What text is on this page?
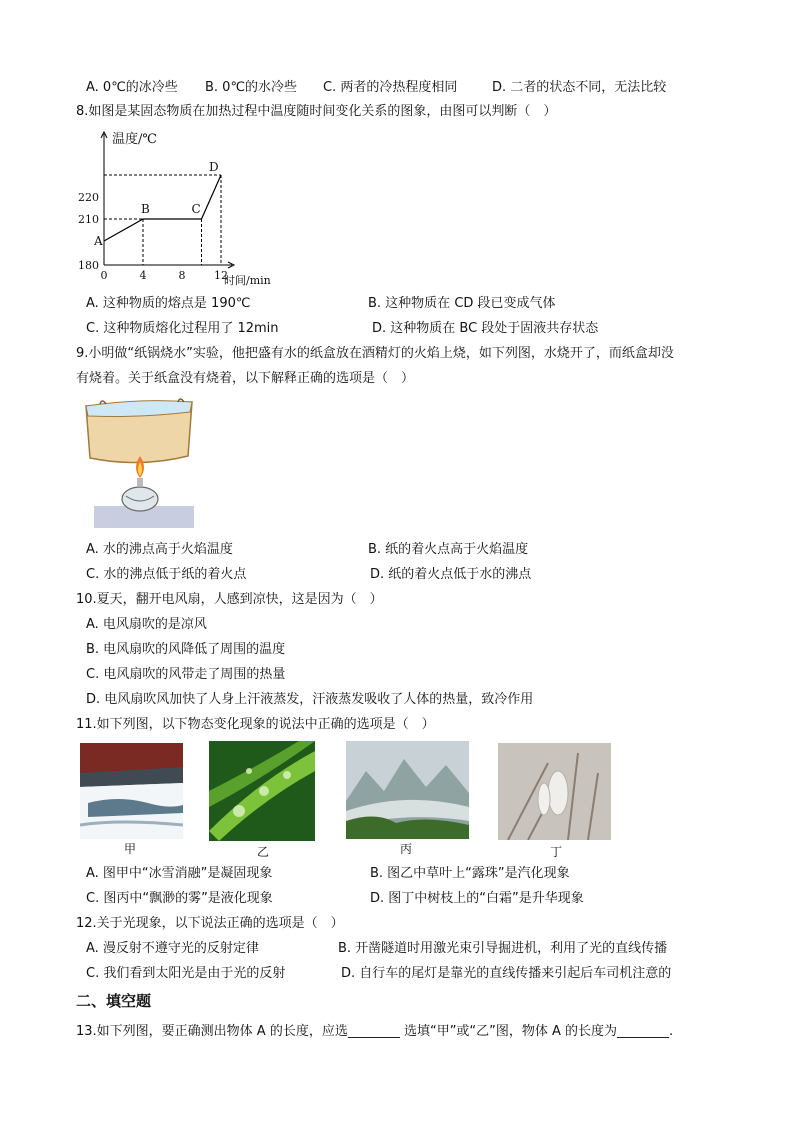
A. 0℃的冰冷些 B. 0℃的水冷些 C. 两者的冷热程度相同	D. 二者的状态不同，无法比较
8.如图是某固态物质在加热过程中温度随时间变化关系的图象，由图可以判断（　）
温度/℃
时间/min
0	4	8	12
180
210
220
A
B	C
D
A. 这种物质的熔点是 190℃	B. 这种物质在 CD 段已变成气体
C. 这种物质熔化过程用了 12min	D. 这种物质在 BC 段处于固液共存状态
9.小明做“纸锅烧水”实验，他把盛有水的纸盒放在酒精灯的火焰上烧，如下列图，水烧开了，而纸盒却没
有烧着。关于纸盒没有烧着，以下解释正确的选项是（　）
A. 水的沸点高于火焰温度	B. 纸的着火点高于火焰温度
C. 水的沸点低于纸的着火点	D. 纸的着火点低于水的沸点
10.夏天，翻开电风扇，人感到凉快，这是因为（　）
A. 电风扇吹的是凉风
B. 电风扇吹的风降低了周围的温度
C. 电风扇吹的风带走了周围的热量
D. 电风扇吹风加快了人身上汗液蒸发，汗液蒸发吸收了人体的热量，致冷作用
11.如下列图，以下物态变化现象的说法中正确的选项是（　）
甲	乙	丙	丁
A. 图甲中“冰雪消融”是凝固现象	B. 图乙中草叶上“露珠”是汽化现象
C. 图丙中“飘渺的雾”是液化现象	D. 图丁中树枝上的“白霜”是升华现象
12.关于光现象，以下说法正确的选项是（　）
A. 漫反射不遵守光的反射定律	B. 开凿隧道时用激光束引导掘进机，利用了光的直线传播
C. 我们看到太阳光是由于光的反射	D. 自行车的尾灯是靠光的直线传播来引起后车司机注意的
二、填空题
13.如下列图，要正确测出物体 A 的长度，应选________ 选填“甲”或“乙”图，物体 A 的长度为________.
